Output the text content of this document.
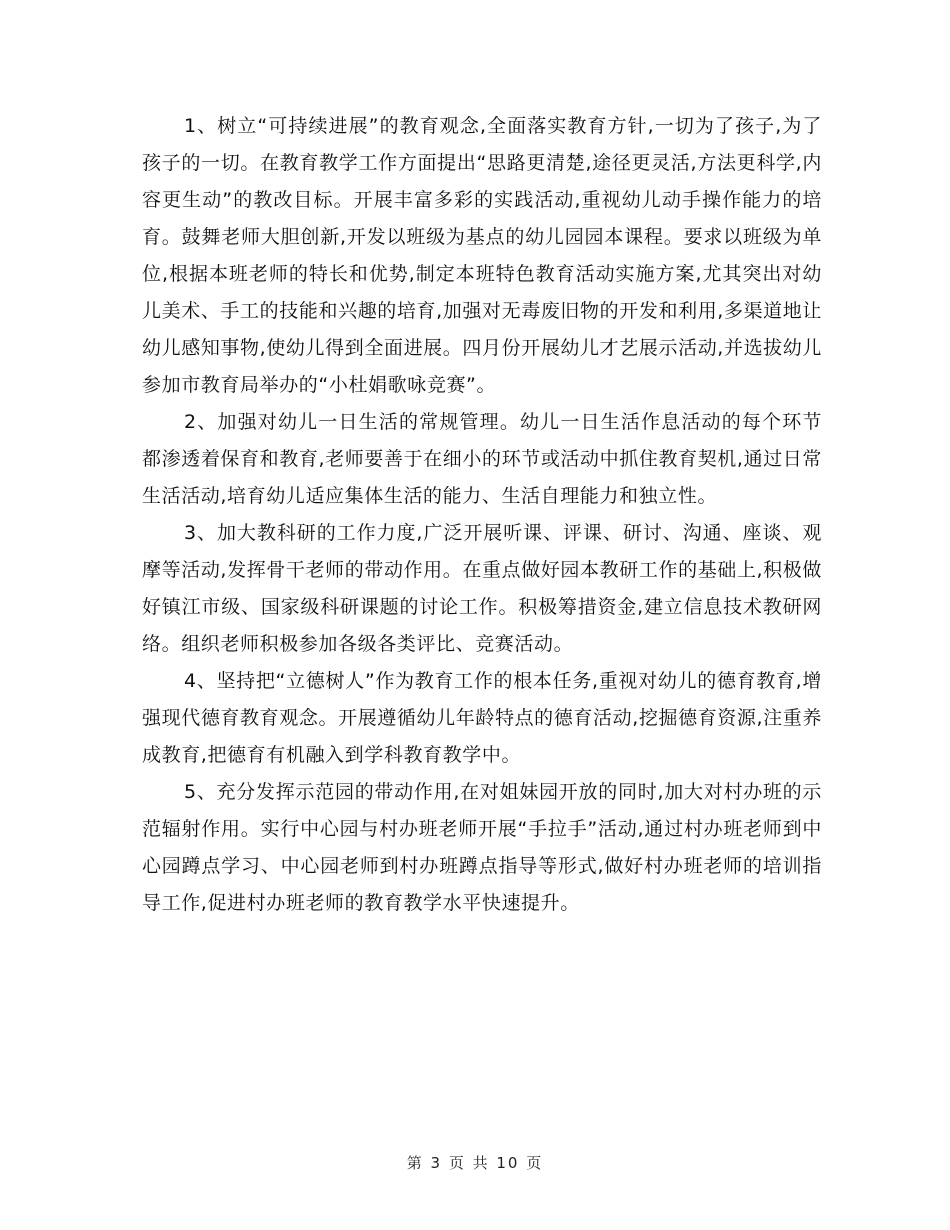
1、树立“可持续进展”的教育观念,全面落实教育方针,一切为了孩子,为了孩子的一切。在教育教学工作方面提出“思路更清楚,途径更灵活,方法更科学,内容更生动”的教改目标。开展丰富多彩的实践活动,重视幼儿动手操作能力的培育。鼓舞老师大胆创新,开发以班级为基点的幼儿园园本课程。要求以班级为单位,根据本班老师的特长和优势,制定本班特色教育活动实施方案,尤其突出对幼儿美术、手工的技能和兴趣的培育,加强对无毒废旧物的开发和利用,多渠道地让幼儿感知事物,使幼儿得到全面进展。四月份开展幼儿才艺展示活动,并选拔幼儿参加市教育局举办的“小杜娟歌咏竞赛”。

2、加强对幼儿一日生活的常规管理。幼儿一日生活作息活动的每个环节都渗透着保育和教育,老师要善于在细小的环节或活动中抓住教育契机,通过日常生活活动,培育幼儿适应集体生活的能力、生活自理能力和独立性。

3、加大教科研的工作力度,广泛开展听课、评课、研讨、沟通、座谈、观摩等活动,发挥骨干老师的带动作用。在重点做好园本教研工作的基础上,积极做好镇江市级、国家级科研课题的讨论工作。积极筹措资金,建立信息技术教研网络。组织老师积极参加各级各类评比、竞赛活动。

4、坚持把“立德树人”作为教育工作的根本任务,重视对幼儿的德育教育,增强现代德育教育观念。开展遵循幼儿年龄特点的德育活动,挖掘德育资源,注重养成教育,把德育有机融入到学科教育教学中。

5、充分发挥示范园的带动作用,在对姐妹园开放的同时,加大对村办班的示范辐射作用。实行中心园与村办班老师开展“手拉手”活动,通过村办班老师到中心园蹲点学习、中心园老师到村办班蹲点指导等形式,做好村办班老师的培训指导工作,促进村办班老师的教育教学水平快速提升。

第 3 页 共 10 页
